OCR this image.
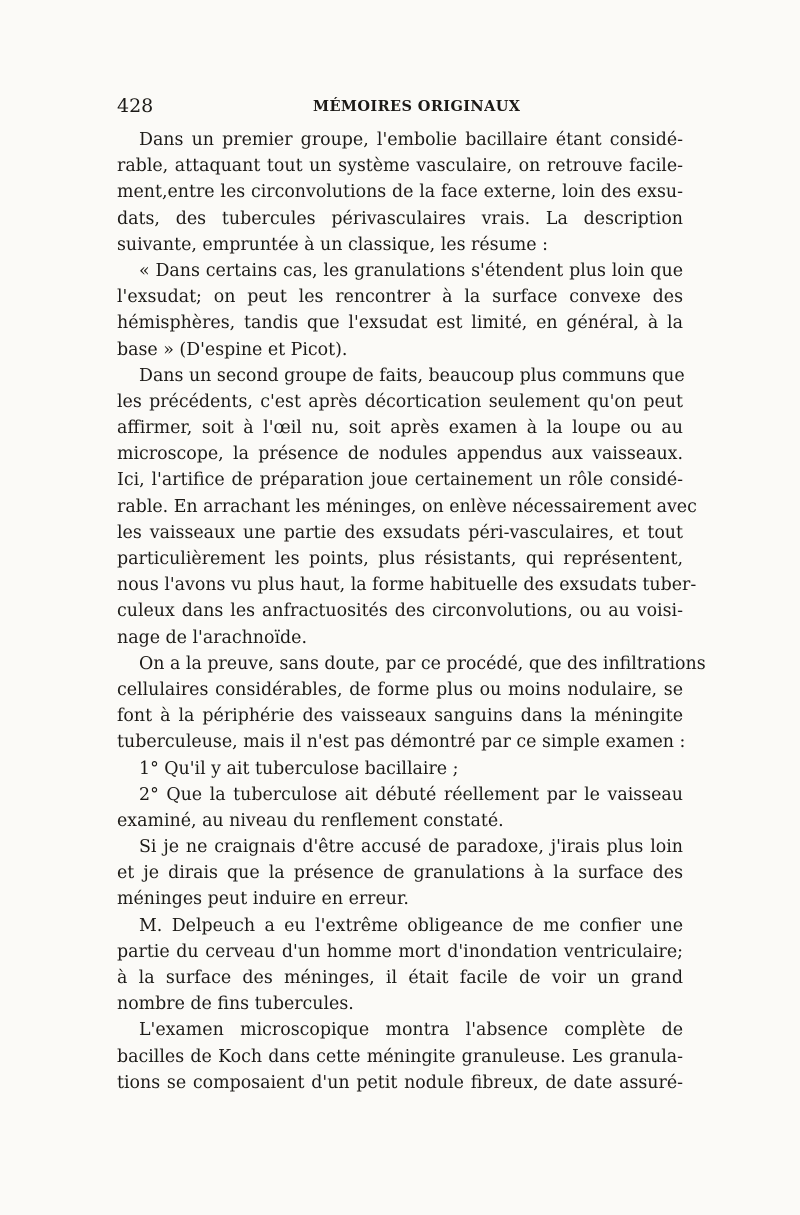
428	MÉMOIRES ORIGINAUX
Dans un premier groupe, l'embolie bacillaire étant considé-
rable, attaquant tout un système vasculaire, on retrouve facile-
ment,entre les circonvolutions de la face externe, loin des exsu-
dats, des tubercules périvasculaires vrais. La description
suivante, empruntée à un classique, les résume :
« Dans certains cas, les granulations s'étendent plus loin que
l'exsudat; on peut les rencontrer à la surface convexe des
hémisphères, tandis que l'exsudat est limité, en général, à la
base » (D'espine et Picot).
Dans un second groupe de faits, beaucoup plus communs que
les précédents, c'est après décortication seulement qu'on peut
affirmer, soit à l'œil nu, soit après examen à la loupe ou au
microscope, la présence de nodules appendus aux vaisseaux.
Ici, l'artifice de préparation joue certainement un rôle considé-
rable. En arrachant les méninges, on enlève nécessairement avec
les vaisseaux une partie des exsudats péri-vasculaires, et tout
particulièrement les points, plus résistants, qui représentent,
nous l'avons vu plus haut, la forme habituelle des exsudats tuber-
culeux dans les anfractuosités des circonvolutions, ou au voisi-
nage de l'arachnoïde.
On a la preuve, sans doute, par ce procédé, que des infiltrations
cellulaires considérables, de forme plus ou moins nodulaire, se
font à la périphérie des vaisseaux sanguins dans la méningite
tuberculeuse, mais il n'est pas démontré par ce simple examen :
1° Qu'il y ait tuberculose bacillaire ;
2° Que la tuberculose ait débuté réellement par le vaisseau
examiné, au niveau du renflement constaté.
Si je ne craignais d'être accusé de paradoxe, j'irais plus loin
et je dirais que la présence de granulations à la surface des
méninges peut induire en erreur.
M. Delpeuch a eu l'extrême obligeance de me confier une
partie du cerveau d'un homme mort d'inondation ventriculaire;
à la surface des méninges, il était facile de voir un grand
nombre de fins tubercules.
L'examen microscopique montra l'absence complète de
bacilles de Koch dans cette méningite granuleuse. Les granula-
tions se composaient d'un petit nodule fibreux, de date assuré-
